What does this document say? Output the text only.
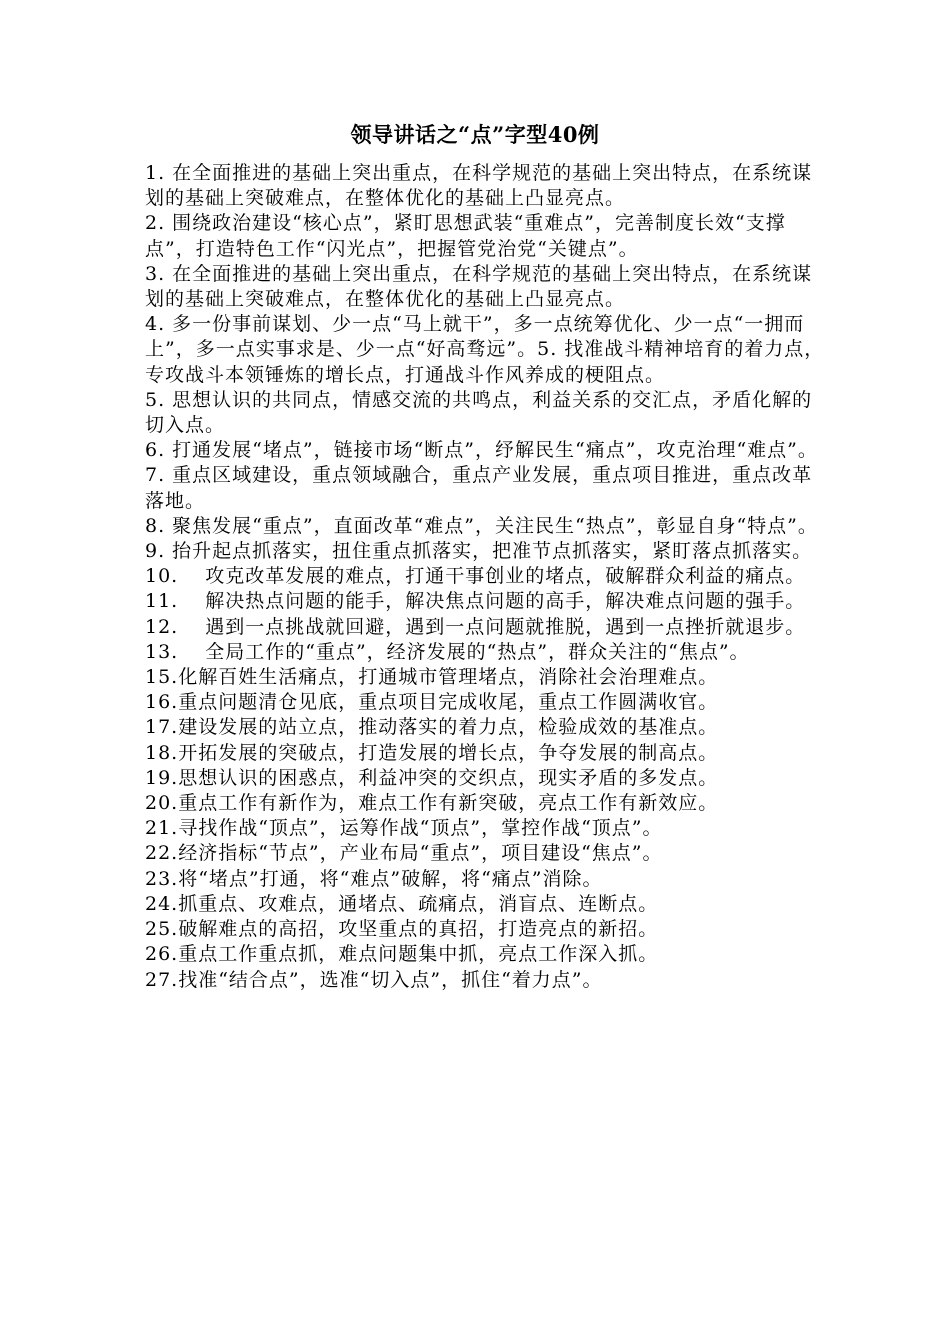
领导讲话之“点”字型40例

1. 在全面推进的基础上突出重点，在科学规范的基础上突出特点，在系统谋划的基础上突破难点，在整体优化的基础上凸显亮点。

2. 围绕政治建设“核心点”，紧盯思想武装“重难点”，完善制度长效“支撑点”，打造特色工作“闪光点”，把握管党治党“关键点”。

3. 在全面推进的基础上突出重点，在科学规范的基础上突出特点，在系统谋划的基础上突破难点，在整体优化的基础上凸显亮点。

4. 多一份事前谋划、少一点“马上就干”，多一点统筹优化、少一点“一拥而上”，多一点实事求是、少一点“好高骛远”。5. 找准战斗精神培育的着力点，专攻战斗本领锤炼的增长点，打通战斗作风养成的梗阻点。

5. 思想认识的共同点，情感交流的共鸣点，利益关系的交汇点，矛盾化解的切入点。

6. 打通发展“堵点”，链接市场“断点”，纾解民生“痛点”，攻克治理“难点”。

7. 重点区域建设，重点领域融合，重点产业发展，重点项目推进，重点改革落地。

8. 聚焦发展“重点”，直面改革“难点”，关注民生“热点”，彰显自身“特点”。

9. 抬升起点抓落实，扭住重点抓落实，把准节点抓落实，紧盯落点抓落实。

10.　 攻克改革发展的难点，打通干事创业的堵点，破解群众利益的痛点。

11.　 解决热点问题的能手，解决焦点问题的高手，解决难点问题的强手。

12.　 遇到一点挑战就回避，遇到一点问题就推脱，遇到一点挫折就退步。

13.　 全局工作的“重点”，经济发展的“热点”，群众关注的“焦点”。

15.化解百姓生活痛点，打通城市管理堵点，消除社会治理难点。

16.重点问题清仓见底，重点项目完成收尾，重点工作圆满收官。

17.建设发展的站立点，推动落实的着力点，检验成效的基准点。

18.开拓发展的突破点，打造发展的增长点，争夺发展的制高点。

19.思想认识的困惑点，利益冲突的交织点，现实矛盾的多发点。

20.重点工作有新作为，难点工作有新突破，亮点工作有新效应。

21.寻找作战“顶点”，运筹作战“顶点”，掌控作战“顶点”。

22.经济指标“节点”，产业布局“重点”，项目建设“焦点”。

23.将“堵点”打通，将“难点”破解，将“痛点”消除。

24.抓重点、攻难点，通堵点、疏痛点，消盲点、连断点。

25.破解难点的高招，攻坚重点的真招，打造亮点的新招。

26.重点工作重点抓，难点问题集中抓，亮点工作深入抓。

27.找准“结合点”，选准“切入点”，抓住“着力点”。
